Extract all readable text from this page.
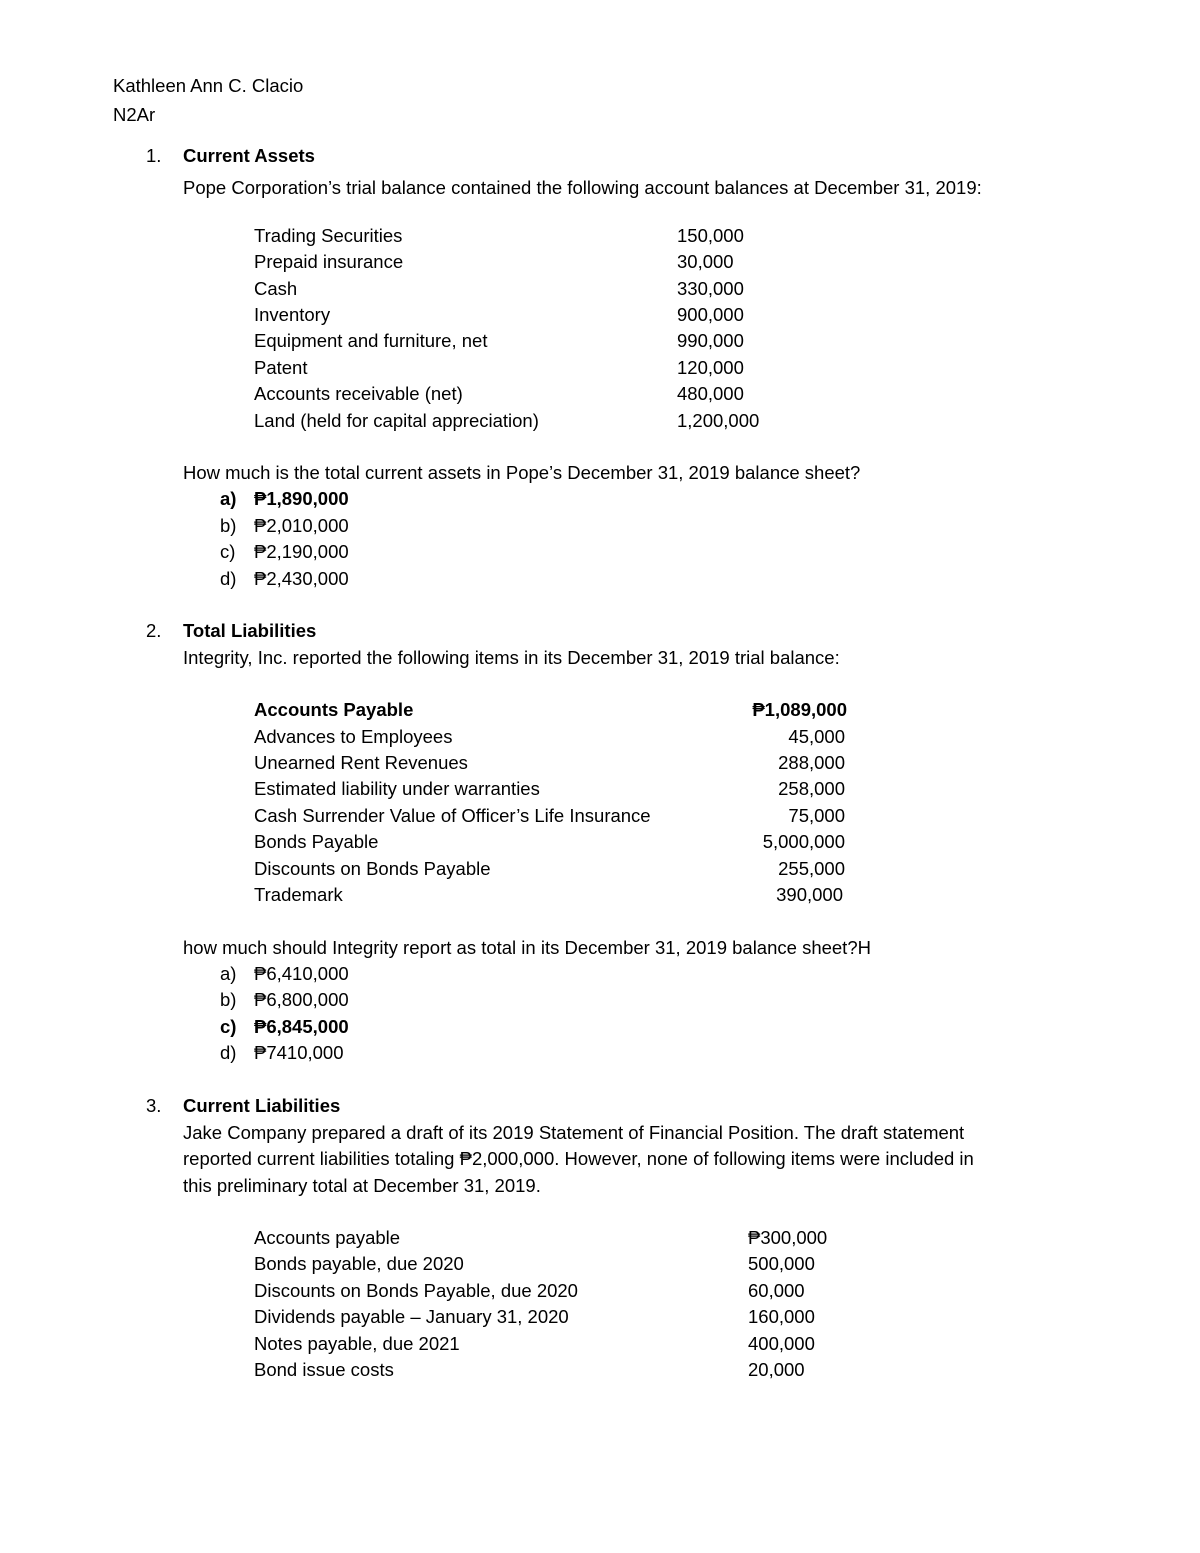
Kathleen Ann C. Clacio
N2Ar
1. Current Assets
Pope Corporation’s trial balance contained the following account balances at December 31, 2019:
Trading Securities	150,000
Prepaid insurance	30,000
Cash	330,000
Inventory	900,000
Equipment and furniture, net	990,000
Patent	120,000
Accounts receivable (net)	480,000
Land (held for capital appreciation)	1,200,000
How much is the total current assets in Pope’s December 31, 2019 balance sheet?
a) ₱1,890,000
b) ₱2,010,000
c) ₱2,190,000
d) ₱2,430,000
2. Total Liabilities
Integrity, Inc. reported the following items in its December 31, 2019 trial balance:
Accounts Payable	₱1,089,000
Advances to Employees	45,000
Unearned Rent Revenues	288,000
Estimated liability under warranties	258,000
Cash Surrender Value of Officer’s Life Insurance	75,000
Bonds Payable	5,000,000
Discounts on Bonds Payable	255,000
Trademark	390,000
how much should Integrity report as total in its December 31, 2019 balance sheet?H
a) ₱6,410,000
b) ₱6,800,000
c) ₱6,845,000
d) ₱7410,000
3. Current Liabilities
Jake Company prepared a draft of its 2019 Statement of Financial Position. The draft statement
reported current liabilities totaling ₱2,000,000. However, none of following items were included in
this preliminary total at December 31, 2019.
Accounts payable	₱300,000
Bonds payable, due 2020	500,000
Discounts on Bonds Payable, due 2020	60,000
Dividends payable – January 31, 2020	160,000
Notes payable, due 2021	400,000
Bond issue costs	20,000
